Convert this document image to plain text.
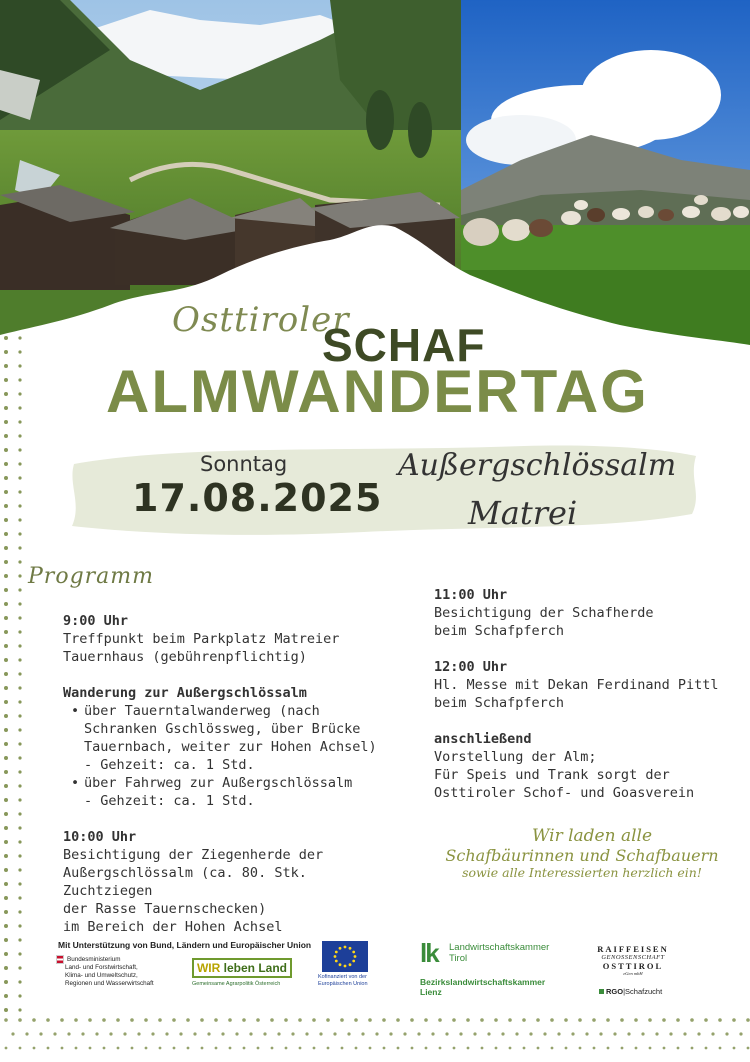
Osttiroler
SCHAF
ALMWANDERTAG
Sonntag
17.08.2025
Außergschlössalm
Matrei
Programm
9:00 Uhr

Treffpunkt beim Parkplatz Matreier

Tauernhaus (gebührenpflichtig)

Wanderung zur Außergschlössalm
• über Tauerntalwanderweg (nach
Schranken Gschlössweg, über Brücke
Tauernbach, weiter zur Hohen Achsel)
- Gehzeit: ca. 1 Std.
• über Fahrweg zur Außergschlössalm
- Gehzeit: ca. 1 Std.
10:00 Uhr

Besichtigung der Ziegenherde der

Außergschlössalm (ca. 80. Stk. Zuchtziegen

der Rasse Tauernschecken)

im Bereich der Hohen Achsel

11:00 Uhr

Besichtigung der Schafherde

beim Schafpferch

12:00 Uhr

Hl. Messe mit Dekan Ferdinand Pittl

beim Schafpferch

anschließend

Vorstellung der Alm;

Für Speis und Trank sorgt der

Osttiroler Schof- und Goasverein

Wir laden alle
Schafbäurinnen und Schafbauern
sowie alle Interessierten herzlich ein!
Mit Unterstützung von Bund, Ländern und Europäischer Union
Bundesministerium
Land- und Forstwirtschaft,
Klima- und Umweltschutz,
Regionen und Wasserwirtschaft
WIR leben Land
Gemeinsame Agrarpolitik Österreich
Kofinanziert von der
Europäischen Union
lk Landwirtschaftskammer
Tirol
Bezirkslandwirtschaftskammer
Lienz
RAIFFEISEN
GENOSSENSCHAFT
OSTTIROL
eGen mbH
RGO|Schafzucht
